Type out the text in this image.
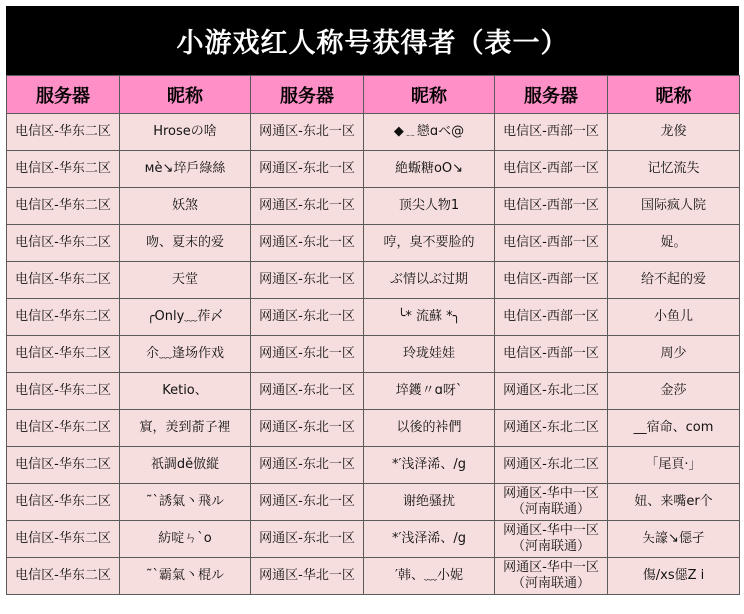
小游戏红人称号获得者（表一）
服务器	昵称	服务器	昵称	服务器	昵称

电信区-华东二区	Hroseの啥	网通区-东北一区	◆﹎戀ɑベ@	电信区-西部一区	龙俊

电信区-华东二区	мè↘埣戶綠絲	网通区-东北一区	絶蝂糖oO↘	电信区-西部一区	记忆流失

电信区-华东二区	妖煞	网通区-东北一区	顶尖人物1	电信区-西部一区	国际疯人院

电信区-华东二区	吻、夏末的爱	网通区-东北一区	哼，臭不要脸的	电信区-西部一区	娖。

电信区-华东二区	天堂	网通区-东北一区	ぶ情以ぶ过期	电信区-西部一区	给不起的爱

电信区-华东二区	╭Оnly﹏莋〆	网通区-东北一区	╰* 流蘇 *╮	电信区-西部一区	小鱼儿

电信区-华东二区	尒﹏逢场作戏	网通区-东北一区	玲珑娃娃	电信区-西部一区	周少

电信区-华东二区	Ketio、	网通区-东北一区	埣鑊〃ɑ呀`	网通区-东北二区	金莎

电信区-华东二区	賔，羙到萮孒裡	网通区-东北一区	以後的裃們	网通区-东北二区	__宿命、com

电信区-华东二区	祇調dě倣縦	网通区-东北一区	*′浅泽浠、/g	网通区-东北二区	「尾頁·」

电信区-华东二区	˜`誘氣丶飛ル	网通区-东北一区	谢绝骚扰	网通区-华中一区
（河南联通）	妞、来嘴er个

电信区-华东二区	紡啶ㄣ`o	网通区-东北一区	*′浅泽浠、/g	网通区-华中一区
（河南联通）	夨譹↘僫孑

电信区-华东二区	˜`霸氣丶棍ル	网通区-华北一区	′韩、﹏小妮	网通区-华中一区
（河南联通）	傷/xs僫Z ⅰ
